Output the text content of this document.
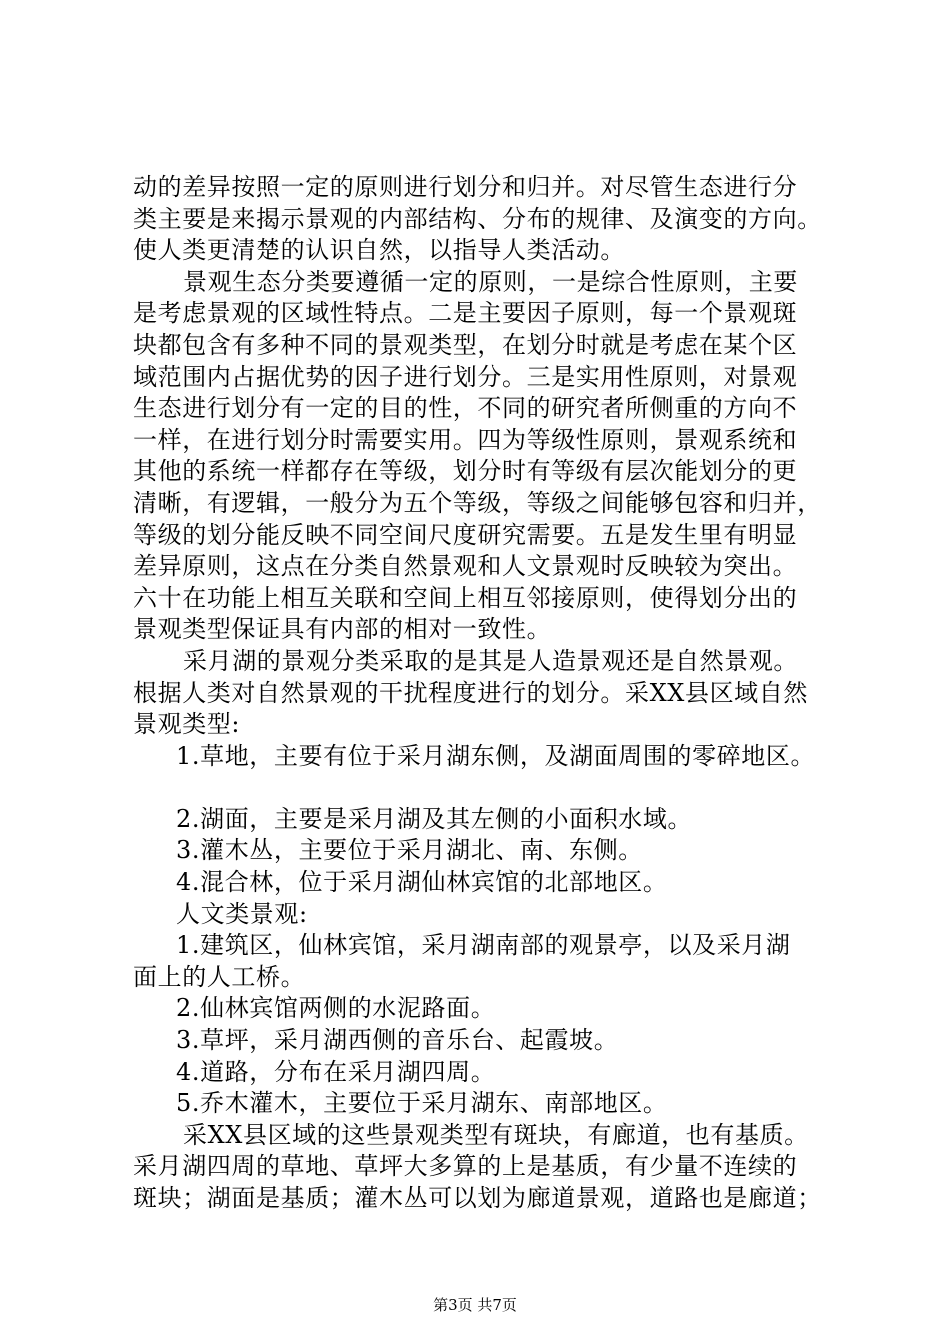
动的差异按照一定的原则进行划分和归并。对尽管生态进行分
类主要是来揭示景观的内部结构、分布的规律、及演变的方向。
使人类更清楚的认识自然，以指导人类活动。
景观生态分类要遵循一定的原则，一是综合性原则，主要
是考虑景观的区域性特点。二是主要因子原则，每一个景观斑
块都包含有多种不同的景观类型，在划分时就是考虑在某个区
域范围内占据优势的因子进行划分。三是实用性原则，对景观
生态进行划分有一定的目的性，不同的研究者所侧重的方向不
一样，在进行划分时需要实用。四为等级性原则，景观系统和
其他的系统一样都存在等级，划分时有等级有层次能划分的更
清晰，有逻辑，一般分为五个等级，等级之间能够包容和归并，
等级的划分能反映不同空间尺度研究需要。五是发生里有明显
差异原则，这点在分类自然景观和人文景观时反映较为突出。
六十在功能上相互关联和空间上相互邻接原则，使得划分出的
景观类型保证具有内部的相对一致性。
采月湖的景观分类采取的是其是人造景观还是自然景观。
根据人类对自然景观的干扰程度进行的划分。采XX县区域自然
景观类型:
1.草地，主要有位于采月湖东侧，及湖面周围的零碎地区。
2.湖面，主要是采月湖及其左侧的小面积水域。
3.灌木丛，主要位于采月湖北、南、东侧。
4.混合林，位于采月湖仙林宾馆的北部地区。
人文类景观:
1.建筑区，仙林宾馆，采月湖南部的观景亭，以及采月湖
面上的人工桥。
2.仙林宾馆两侧的水泥路面。
3.草坪，采月湖西侧的音乐台、起霞坡。
4.道路，分布在采月湖四周。
5.乔木灌木，主要位于采月湖东、南部地区。
采XX县区域的这些景观类型有斑块，有廊道，也有基质。
采月湖四周的草地、草坪大多算的上是基质，有少量不连续的
斑块；湖面是基质；灌木丛可以划为廊道景观，道路也是廊道；
第3页 共7页
